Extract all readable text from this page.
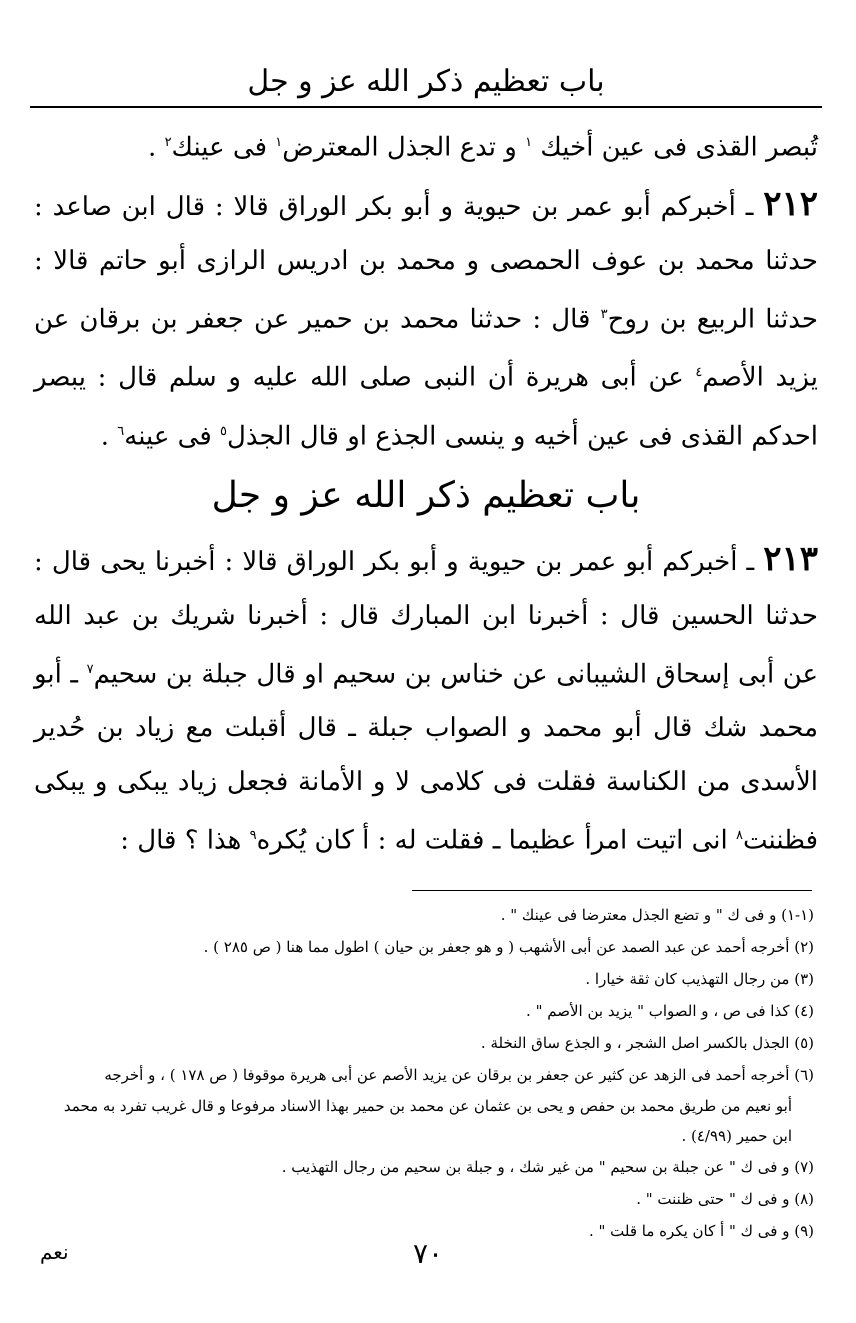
باب تعظيم ذكر الله عز و جل

تُبصر القذى فى عين أخيك $^١$ و تدع الجذل المعترض$^١$ فى عينك$^٢$ .

٢١٢ ـ أخبركم أبو عمر بن حيوية و أبو بكر الوراق قالا : قال ابن صاعد : حدثنا محمد بن عوف الحمصى و محمد بن ادريس الرازى أبو حاتم قالا : حدثنا الربيع بن روح$^٣$ قال : حدثنا محمد بن حمير عن جعفر بن برقان عن يزيد الأصم$^٤$ عن أبى هريرة أن النبى صلى الله عليه و سلم قال : يبصر احدكم القذى فى عين أخيه و ينسى الجذع او قال الجذل$^٥$ فى عينه$^٦$ .

باب تعظيم ذكر الله عز و جل

٢١٣ ـ أخبركم أبو عمر بن حيوية و أبو بكر الوراق قالا : أخبرنا يحى قال : حدثنا الحسين قال : أخبرنا ابن المبارك قال : أخبرنا شريك بن عبد الله عن أبى إسحاق الشيبانى عن خناس بن سحيم او قال جبلة بن سحيم$^٧$ ـ أبو محمد شك قال أبو محمد و الصواب جبلة ـ قال أقبلت مع زياد بن حُدير الأسدى من الكناسة فقلت فى كلامى لا و الأمانة فجعل زياد يبكى و يبكى فظننت$^٨$ انى اتيت امرأ عظيما ـ فقلت له : أ كان يُكره$^٩$ هذا ؟ قال :

(١-١) و فى ك " و تضع الجذل معترضا فى عينك " .

(٢) أخرجه أحمد عن عبد الصمد عن أبى الأشهب ( و هو جعفر بن حيان ) اطول مما هنا ( ص ٢٨٥ ) .

(٣) من رجال التهذيب كان ثقة خيارا .

(٤) كذا فى ص ، و الصواب " يزيد بن الأصم " .

(٥) الجذل بالكسر اصل الشجر ، و الجذع ساق النخلة .

(٦) أخرجه أحمد فى الزهد عن كثير عن جعفر بن برقان عن يزيد الأصم عن أبى هريرة موقوفا ( ص ١٧٨ ) ، و أخرجه
أبو نعيم من طريق محمد بن حفص و يحى بن عثمان عن محمد بن حمير بهذا الاسناد مرفوعا و قال غريب تفرد به محمد
ابن حمير (٤/٩٩) .

(٧) و فى ك " عن جبلة بن سحيم " من غير شك ، و جبلة بن سحيم من رجال التهذيب .

(٨) و فى ك " حتى ظننت " .

(٩) و فى ك " أ كان يكره ما قلت " .

٧٠
نعم
